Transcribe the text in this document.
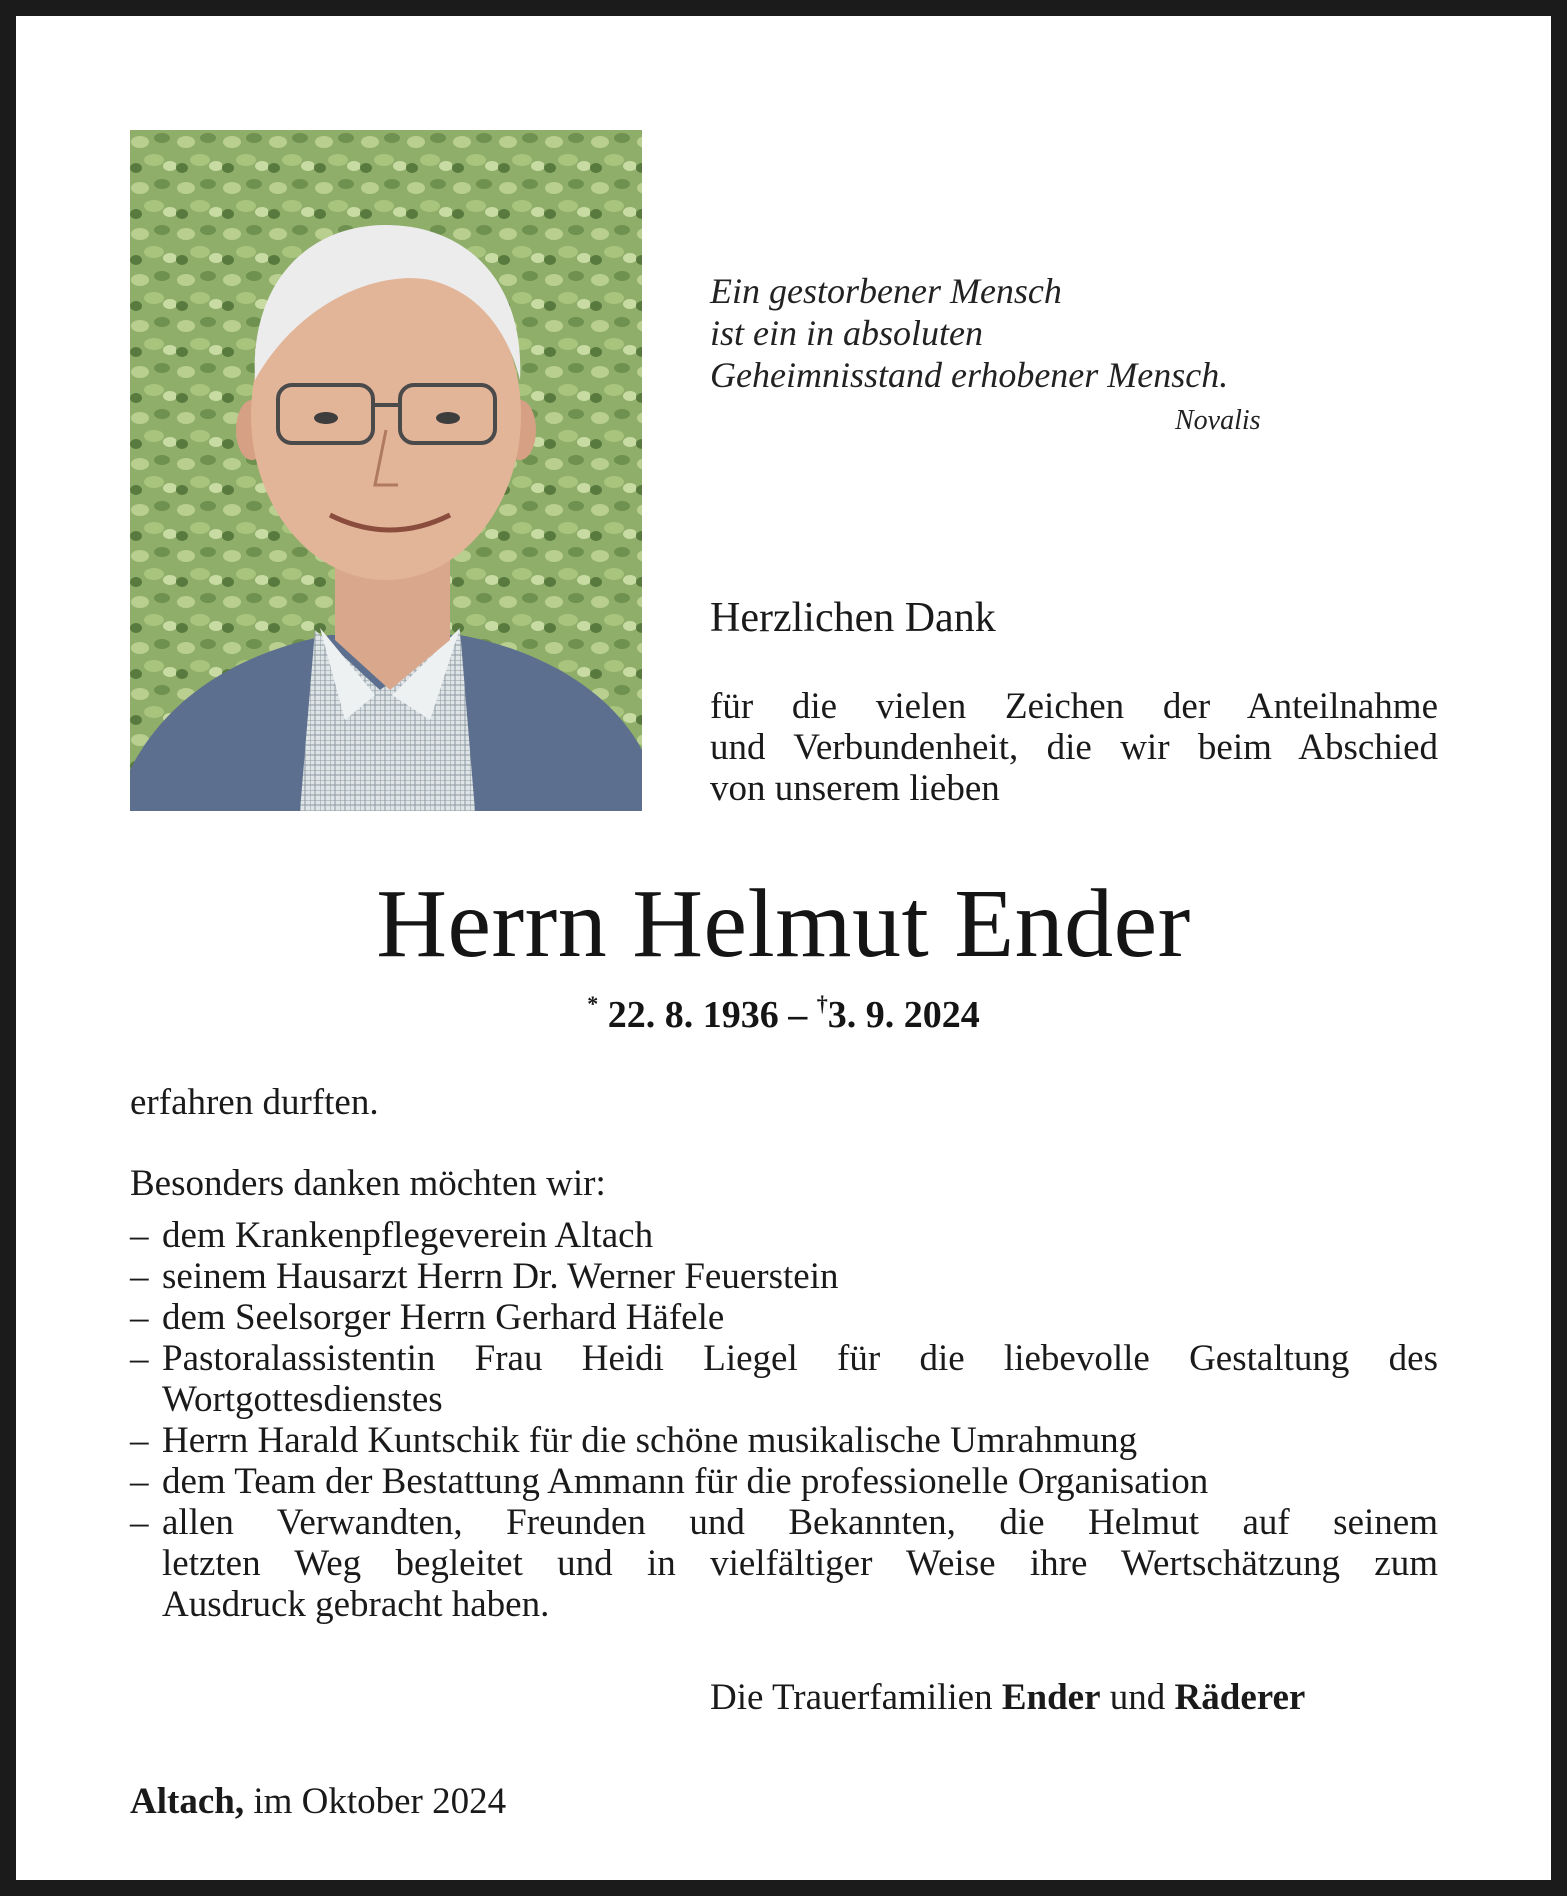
Ein gestorbener Mensch
ist ein in absoluten
Geheimnisstand erhobener Mensch.
Novalis
Herzlichen Dank
für die vielen Zeichen der Anteilnahme
und Verbundenheit, die wir beim Abschied
von unserem lieben
Herrn Helmut Ender
* 22. 8. 1936 – †3. 9. 2024
erfahren durften.
Besonders danken möchten wir:
– dem Krankenpflegeverein Altach
– seinem Hausarzt Herrn Dr. Werner Feuerstein
– dem Seelsorger Herrn Gerhard Häfele
– Pastoralassistentin Frau Heidi Liegel für die liebevolle Gestaltung des
Wortgottesdienstes
– Herrn Harald Kuntschik für die schöne musikalische Umrahmung
– dem Team der Bestattung Ammann für die professionelle Organisation
– allen Verwandten, Freunden und Bekannten, die Helmut auf seinem
letzten Weg begleitet und in vielfältiger Weise ihre Wertschätzung zum
Ausdruck gebracht haben.
Die Trauerfamilien Ender und Räderer
Altach, im Oktober 2024
